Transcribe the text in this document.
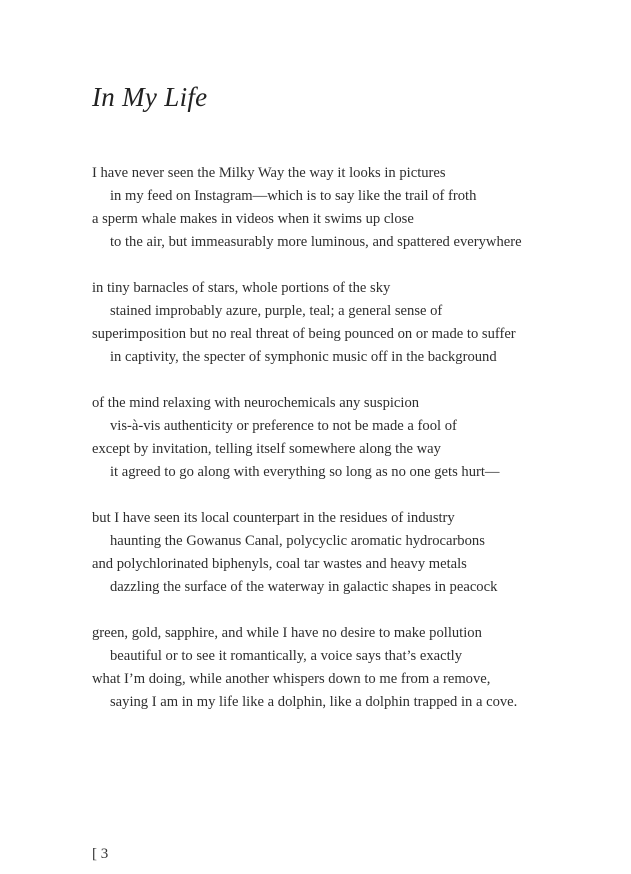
In My Life
I have never seen the Milky Way the way it looks in pictures
in my feed on Instagram—which is to say like the trail of froth
a sperm whale makes in videos when it swims up close
to the air, but immeasurably more luminous, and spattered everywhere
in tiny barnacles of stars, whole portions of the sky
stained improbably azure, purple, teal; a general sense of
superimposition but no real threat of being pounced on or made to suffer
in captivity, the specter of symphonic music off in the background
of the mind relaxing with neurochemicals any suspicion
vis-à-vis authenticity or preference to not be made a fool of
except by invitation, telling itself somewhere along the way
it agreed to go along with everything so long as no one gets hurt—
but I have seen its local counterpart in the residues of industry
haunting the Gowanus Canal, polycyclic aromatic hydrocarbons
and polychlorinated biphenyls, coal tar wastes and heavy metals
dazzling the surface of the waterway in galactic shapes in peacock
green, gold, sapphire, and while I have no desire to make pollution
beautiful or to see it romantically, a voice says that’s exactly
what I’m doing, while another whispers down to me from a remove,
saying I am in my life like a dolphin, like a dolphin trapped in a cove.
[ 3
